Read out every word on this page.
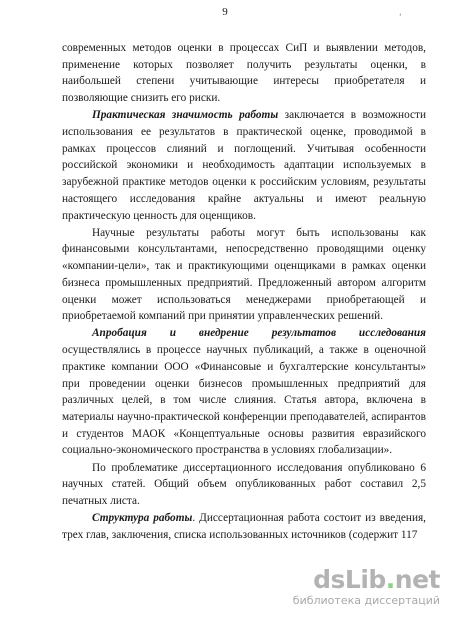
9	‘

современных методов оценки в процессах СиП и выявлении методов, применение которых позволяет получить результаты оценки, в наибольшей степени учитывающие интересы приобретателя и позволяющие снизить его риски.

Практическая значимость работы заключается в возможности использования ее результатов в практической оценке, проводимой в рамках процессов слияний и поглощений. Учитывая особенности российской экономики и необходимость адаптации используемых в зарубежной практике методов оценки к российским условиям, результаты настоящего исследования крайне актуальны и имеют реальную практическую ценность для оценщиков.

Научные результаты работы могут быть использованы как финансовыми консультантами, непосредственно проводящими оценку «компании-цели», так и практикующими оценщиками в рамках оценки бизнеса промышленных предприятий. Предложенный автором алгоритм оценки может использоваться менеджерами приобретающей и приобретаемой компаний при принятии управленческих решений.

Апробация и внедрение результатов исследования осуществлялись в процессе научных публикаций, а также в оценочной практике компании ООО «Финансовые и бухгалтерские консультанты» при проведении оценки бизнесов промышленных предприятий для различных целей, в том числе слияния. Статья автора, включена в материалы научно-практической конференции преподавателей, аспирантов и студентов МАОК «Концептуальные основы развития евразийского социально-экономического пространства в условиях глобализации».

По проблематике диссертационного исследования опубликовано 6 научных статей. Общий объем опубликованных работ составил 2,5 печатных листа.

Структура работы. Диссертационная работа состоит из введения, трех глав, заключения, списка использованных источников (содержит 117

dsLib.net
библиотека диссертаций
